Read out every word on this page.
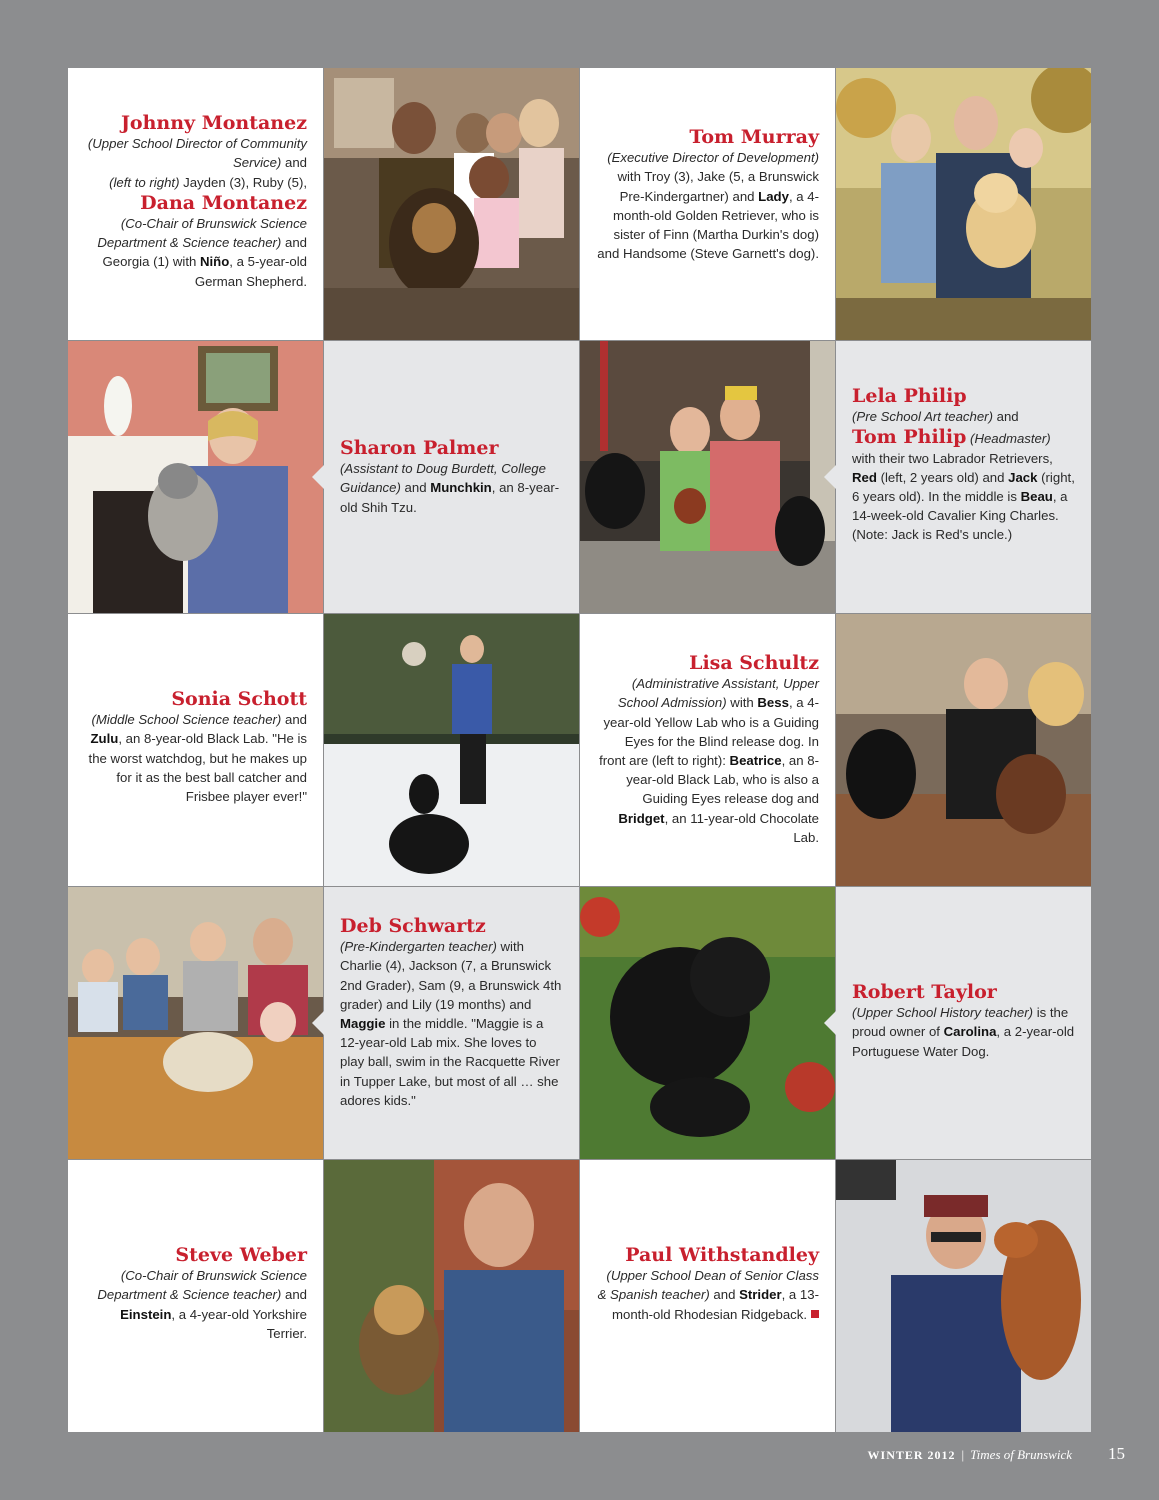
Johnny Montanez
(Upper School Director of Community Service) and
(left to right) Jayden (3), Ruby (5),
Dana Montanez
(Co-Chair of Brunswick Science Department & Science teacher) and Georgia (1) with Niño, a 5-year-old German Shepherd.
Tom Murray
(Executive Director of Development) with Troy (3), Jake (5, a Brunswick Pre-Kindergartner) and Lady, a 4-month-old Golden Retriever, who is sister of Finn (Martha Durkin's dog) and Handsome (Steve Garnett's dog).
Sharon Palmer
(Assistant to Doug Burdett, College Guidance) and Munchkin, an 8-year-old Shih Tzu.
Lela Philip
(Pre School Art teacher) and
Tom Philip (Headmaster)
with their two Labrador Retrievers, Red (left, 2 years old) and Jack (right, 6 years old). In the middle is Beau, a 14-week-old Cavalier King Charles. (Note: Jack is Red's uncle.)
Sonia Schott
(Middle School Science teacher) and Zulu, an 8-year-old Black Lab. "He is the worst watchdog, but he makes up for it as the best ball catcher and Frisbee player ever!"
Lisa Schultz
(Administrative Assistant, Upper School Admission) with Bess, a 4-year-old Yellow Lab who is a Guiding Eyes for the Blind release dog. In front are (left to right): Beatrice, an 8-year-old Black Lab, who is also a Guiding Eyes release dog and Bridget, an 11-year-old Chocolate Lab.
Deb Schwartz
(Pre-Kindergarten teacher) with Charlie (4), Jackson (7, a Brunswick 2nd Grader), Sam (9, a Brunswick 4th grader) and Lily (19 months) and Maggie in the middle. "Maggie is a 12-year-old Lab mix. She loves to play ball, swim in the Racquette River in Tupper Lake, but most of all … she adores kids."
Robert Taylor
(Upper School History teacher) is the proud owner of Carolina, a 2-year-old Portuguese Water Dog.
Steve Weber
(Co-Chair of Brunswick Science Department & Science teacher) and Einstein, a 4-year-old Yorkshire Terrier.
Paul Withstandley
(Upper School Dean of Senior Class & Spanish teacher) and Strider, a 13-month-old Rhodesian Ridgeback.
WINTER 2012 | Times of Brunswick 15
